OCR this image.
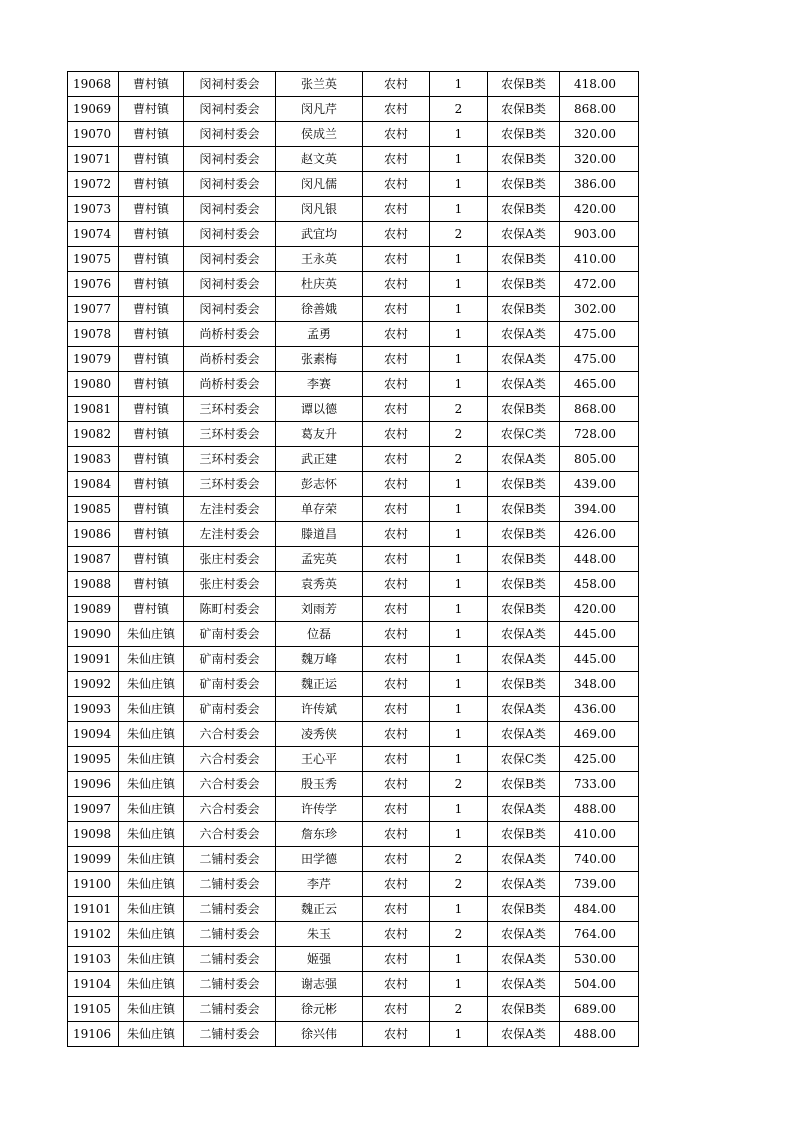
19068	曹村镇	闵祠村委会	张兰英	农村	1	农保B类	418.00
19069	曹村镇	闵祠村委会	闵凡芹	农村	2	农保B类	868.00
19070	曹村镇	闵祠村委会	侯成兰	农村	1	农保B类	320.00
19071	曹村镇	闵祠村委会	赵文英	农村	1	农保B类	320.00
19072	曹村镇	闵祠村委会	闵凡儒	农村	1	农保B类	386.00
19073	曹村镇	闵祠村委会	闵凡银	农村	1	农保B类	420.00
19074	曹村镇	闵祠村委会	武宜均	农村	2	农保A类	903.00
19075	曹村镇	闵祠村委会	王永英	农村	1	农保B类	410.00
19076	曹村镇	闵祠村委会	杜庆英	农村	1	农保B类	472.00
19077	曹村镇	闵祠村委会	徐善娥	农村	1	农保B类	302.00
19078	曹村镇	尚桥村委会	孟勇	农村	1	农保A类	475.00
19079	曹村镇	尚桥村委会	张素梅	农村	1	农保A类	475.00
19080	曹村镇	尚桥村委会	李赛	农村	1	农保A类	465.00
19081	曹村镇	三环村委会	谭以德	农村	2	农保B类	868.00
19082	曹村镇	三环村委会	葛友升	农村	2	农保C类	728.00
19083	曹村镇	三环村委会	武正建	农村	2	农保A类	805.00
19084	曹村镇	三环村委会	彭志怀	农村	1	农保B类	439.00
19085	曹村镇	左洼村委会	单存荣	农村	1	农保B类	394.00
19086	曹村镇	左洼村委会	滕道昌	农村	1	农保B类	426.00
19087	曹村镇	张庄村委会	孟宪英	农村	1	农保B类	448.00
19088	曹村镇	张庄村委会	袁秀英	农村	1	农保B类	458.00
19089	曹村镇	陈町村委会	刘雨芳	农村	1	农保B类	420.00
19090	朱仙庄镇	矿南村委会	位磊	农村	1	农保A类	445.00
19091	朱仙庄镇	矿南村委会	魏万峰	农村	1	农保A类	445.00
19092	朱仙庄镇	矿南村委会	魏正运	农村	1	农保B类	348.00
19093	朱仙庄镇	矿南村委会	许传斌	农村	1	农保A类	436.00
19094	朱仙庄镇	六合村委会	凌秀侠	农村	1	农保A类	469.00
19095	朱仙庄镇	六合村委会	王心平	农村	1	农保C类	425.00
19096	朱仙庄镇	六合村委会	殷玉秀	农村	2	农保B类	733.00
19097	朱仙庄镇	六合村委会	许传学	农村	1	农保A类	488.00
19098	朱仙庄镇	六合村委会	詹东珍	农村	1	农保B类	410.00
19099	朱仙庄镇	二铺村委会	田学德	农村	2	农保A类	740.00
19100	朱仙庄镇	二铺村委会	李芹	农村	2	农保A类	739.00
19101	朱仙庄镇	二铺村委会	魏正云	农村	1	农保B类	484.00
19102	朱仙庄镇	二铺村委会	朱玉	农村	2	农保A类	764.00
19103	朱仙庄镇	二铺村委会	姬强	农村	1	农保A类	530.00
19104	朱仙庄镇	二铺村委会	谢志强	农村	1	农保A类	504.00
19105	朱仙庄镇	二铺村委会	徐元彬	农村	2	农保B类	689.00
19106	朱仙庄镇	二铺村委会	徐兴伟	农村	1	农保A类	488.00
